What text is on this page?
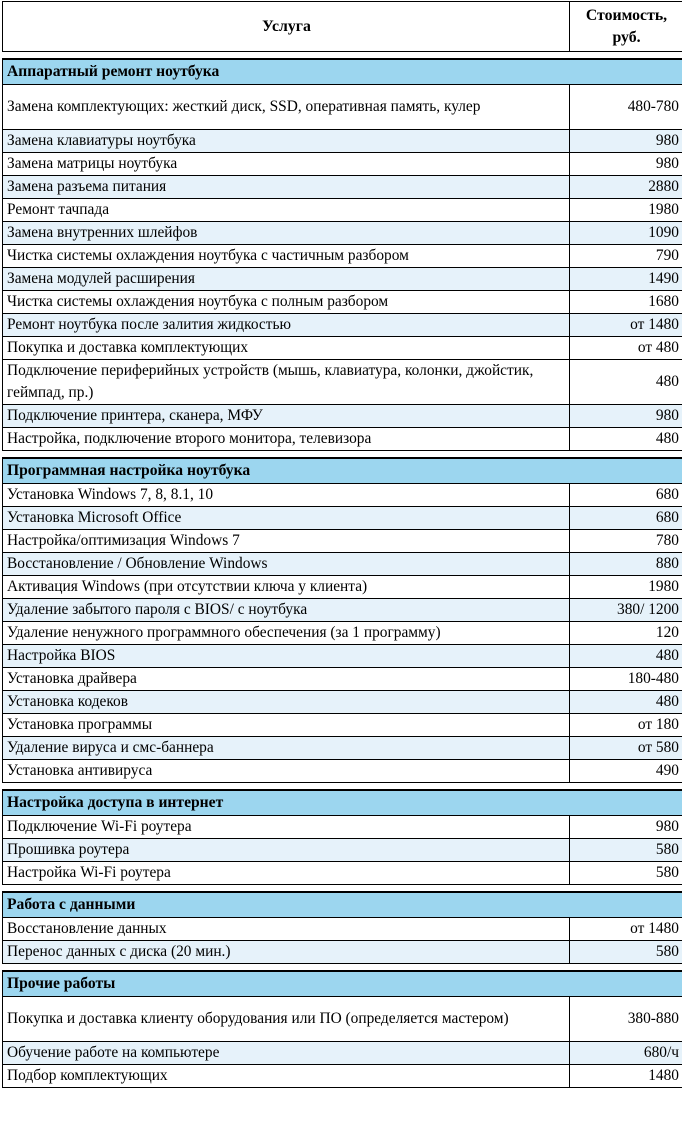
Услуга	Стоимость, руб.

Аппаратный ремонт ноутбука	
Замена комплектующих: жесткий диск, SSD, оперативная память, кулер	480-780
Замена клавиатуры ноутбука	980
Замена матрицы ноутбука	980
Замена разъема питания	2880
Ремонт тачпада	1980
Замена внутренних шлейфов	1090
Чистка системы охлаждения ноутбука с частичным разбором	790
Замена модулей расширения	1490
Чистка системы охлаждения ноутбука с полным разбором	1680
Ремонт ноутбука после залития жидкостью	от 1480
Покупка и доставка комплектующих	от 480
Подключение периферийных устройств (мышь, клавиатура, колонки, джойстик, геймпад, пр.)	480
Подключение принтера, сканера, МФУ	980
Настройка, подключение второго монитора, телевизора	480

Программная настройка ноутбука	
Установка Windows 7, 8, 8.1, 10	680
Установка Microsoft Office	680
Настройка/оптимизация Windows 7	780
Восстановление / Обновление Windows	880
Активация Windows (при отсутствии ключа у клиента)	1980
Удаление забытого пароля с BIOS/ с ноутбука	380/ 1200
Удаление ненужного программного обеспечения (за 1 программу)	120
Настройка BIOS	480
Установка драйвера	180-480
Установка кодеков	480
Установка программы	от 180
Удаление вируса и смс-баннера	от 580
Установка антивируса	490

Настройка доступа в интернет	
Подключение Wi-Fi роутера	980
Прошивка роутера	580
Настройка Wi-Fi роутера	580

Работа с данными	
Восстановление данных	от 1480
Перенос данных с диска (20 мин.)	580

Прочие работы	
Покупка и доставка клиенту оборудования или ПО (определяется мастером)	380-880
Обучение работе на компьютере	680/ч
Подбор комплектующих	1480
